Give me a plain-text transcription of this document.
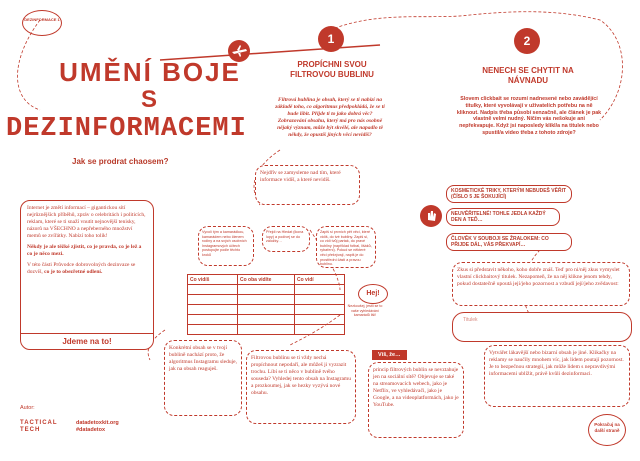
DEZINFORMACE 1
UMĚNÍ BOJE
S
DEZINFORMACEMI
Jak se prodrat chaosem?
Internet je změtí informací – gigantickou sítí nejrůznějších příběhů, zpráv o celebritách i politicích, reklam, které se ti snaží vnutit nejnovější tenisky, názorů na VŠECHNO a nepřeberného množství memů se zvířátky. Nabízí toho tolik!
Někdy je ale těžké zjistit, co je pravda, co je lež a co je něco mezi.
V této části Průvodce dobrovolných dezinvaze se dozvíš, co je to obezřetné odlení.
Jdeme na to!
Autor:
TACTICAL TECH
datadetoxkit.org
#datadetox
1
PROPÍCHNI SVOU FILTROVOU BUBLINU
Filtrová bublina je obsah, který se ti nabízí na základě toho, co algoritmus předpokládá, že se ti bude líbit. Přijde ti to jako dobrá věc? Zobrazování obsahu, který má pro nás osobně nějaký význam, může být skvělé, ale napadlo tě někdy, že opustíš jiných věcí nevidíš?
Nejdřív se zamysleme nad tím, které informace vidíš, a které nevidíš.
Vyvolí tým a kamarádkou, kamarádem nebo členem rodiny a na svých osobních Instagramových účtech postupujte podle těchto kroků
Přejdi na Hledat (ikona lupy) a podívej se do záložky…
Zapiš si prvních pět věcí, které vidíš, do tvé bubliny. Zapiš si, co vidí tvůj partak, do pravé bubliny (například fotbal, lišáků, rybaření). Pokud se některé věci překrývají, napiš je do prostřední části a pravou bublinu.
Hej!
Nezkoušej, jestli se to vaše vyhledávání kamarádů liší!
Co vidíš	Co oba vidíte	Co vidí

Konkrétní obsah se v tvojí bublině nachází proto, že algoritmus Instagramu sleduje, jak na obsah reaguješ.
Filtrovou bublinu se ti vždy nechá propíchnout nepodaří, ale můžeš ji vyzrazit trochu. Líbí se ti něco v bublině tvého souseda? Vyhledej tento obsah na Instagramu a prozkoumej, jak se hezky vyzývá nové obsahu.
Víš, že…
princip filtrových bublin se nevztahuje jen na sociální sítě? Objevuje se také na streamovacích webech, jako je Netflix, ve vyhledávači, jako je Google, a na videoplatformách, jako je YouTube.
2
NENECH SE CHYTIT NA NÁVNADU
Slovem clickbait se rozumí nadnesené nebo zavádějící titulky, které vyvolávají v uživatelích potřebu na ně kliknout. Nadpis třeba působí senzačně, ale článek je pak vlastně velmi nudný. Ničím vás nešokuje ani nepřekvapuje. Když jsi naposledy klikl/a na titulek nebo spustil/a video třeba z tohoto zdroje?
KOSMETICKÉ TRIKY, KTERÝM NEBUDEŠ VĚŘIT (ČÍSLO 5 JE ŠOKUJÍCÍ)
NEUVĚŘITELNÉ! TOHLE JEDLA KAŽDÝ DEN A TEĎ…
ČLOVĚK V SOUBOJI SE ŽRALOKEM: CO PŘIJDE DÁL, VÁS PŘEKVAPÍ…
Zkus si představit někoho, koho dobře znáš. Teď pro ni/něj zkus vymyslet vlastní clickbaitový titulek. Nezapomeň, že na něj klikne jenom tehdy, pokud dostatečně upoutá její/jeho pozornost a vzbudí její/jeho zvědavost:
Titulek
Vytvářet lákavější nebo bizarní obsah je jiné. Klikačky na reklamy se naučily mnohem víc, jak lidem poutají pozornost. Je to bezpečnou strategií, jak může lidem s nepravdivými informacemi ublížit, právě kvůli dezinformaci.
Pokračuj na další straně
